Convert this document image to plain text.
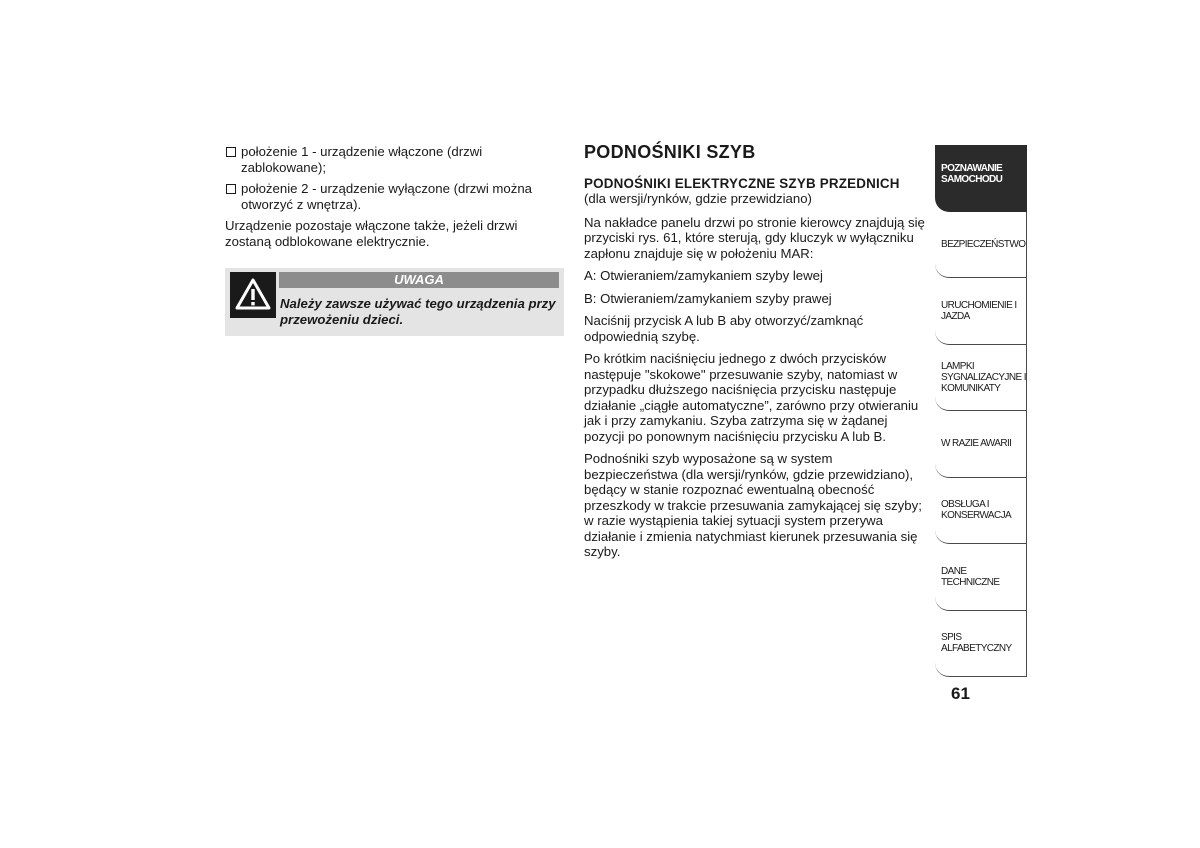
położenie 1 - urządzenie włączone (drzwi zablokowane);
położenie 2 - urządzenie wyłączone (drzwi można otworzyć z wnętrza).

Urządzenie pozostaje włączone także, jeżeli drzwi zostaną odblokowane elektrycznie.

UWAGA
Należy zawsze używać tego urządzenia przy przewożeniu dzieci.
PODNOŚNIKI SZYB
PODNOŚNIKI ELEKTRYCZNE SZYB PRZEDNICH

(dla wersji/rynków, gdzie przewidziano)

Na nakładce panelu drzwi po stronie kierowcy znajdują się przyciski rys. 61, które sterują, gdy kluczyk w wyłączniku zapłonu znajduje się w położeniu MAR:

A: Otwieraniem/zamykaniem szyby lewej

B: Otwieraniem/zamykaniem szyby prawej

Naciśnij przycisk A lub B aby otworzyć/zamknąć odpowiednią szybę.

Po krótkim naciśnięciu jednego z dwóch przycisków następuje "skokowe" przesuwanie szyby, natomiast w przypadku dłuższego naciśnięcia przycisku następuje działanie „ciągłe automatyczne”, zarówno przy otwieraniu jak i przy zamykaniu. Szyba zatrzyma się w żądanej pozycji po ponownym naciśnięciu przycisku A lub B.

Podnośniki szyb wyposażone są w system bezpieczeństwa (dla wersji/rynków, gdzie przewidziano), będący w stanie rozpoznać ewentualną obecność przeszkody w trakcie przesuwania zamykającej się szyby; w razie wystąpienia takiej sytuacji system przerywa działanie i zmienia natychmiast kierunek przesuwania się szyby.

POZNAWANIE SAMOCHODU
BEZPIECZEŃSTWO
URUCHOMIENIE I JAZDA
LAMPKI SYGNALIZACYJNE I KOMUNIKATY
W RAZIE AWARII
OBSŁUGA I KONSERWACJA
DANE TECHNICZNE
SPIS ALFABETYCZNY
61
